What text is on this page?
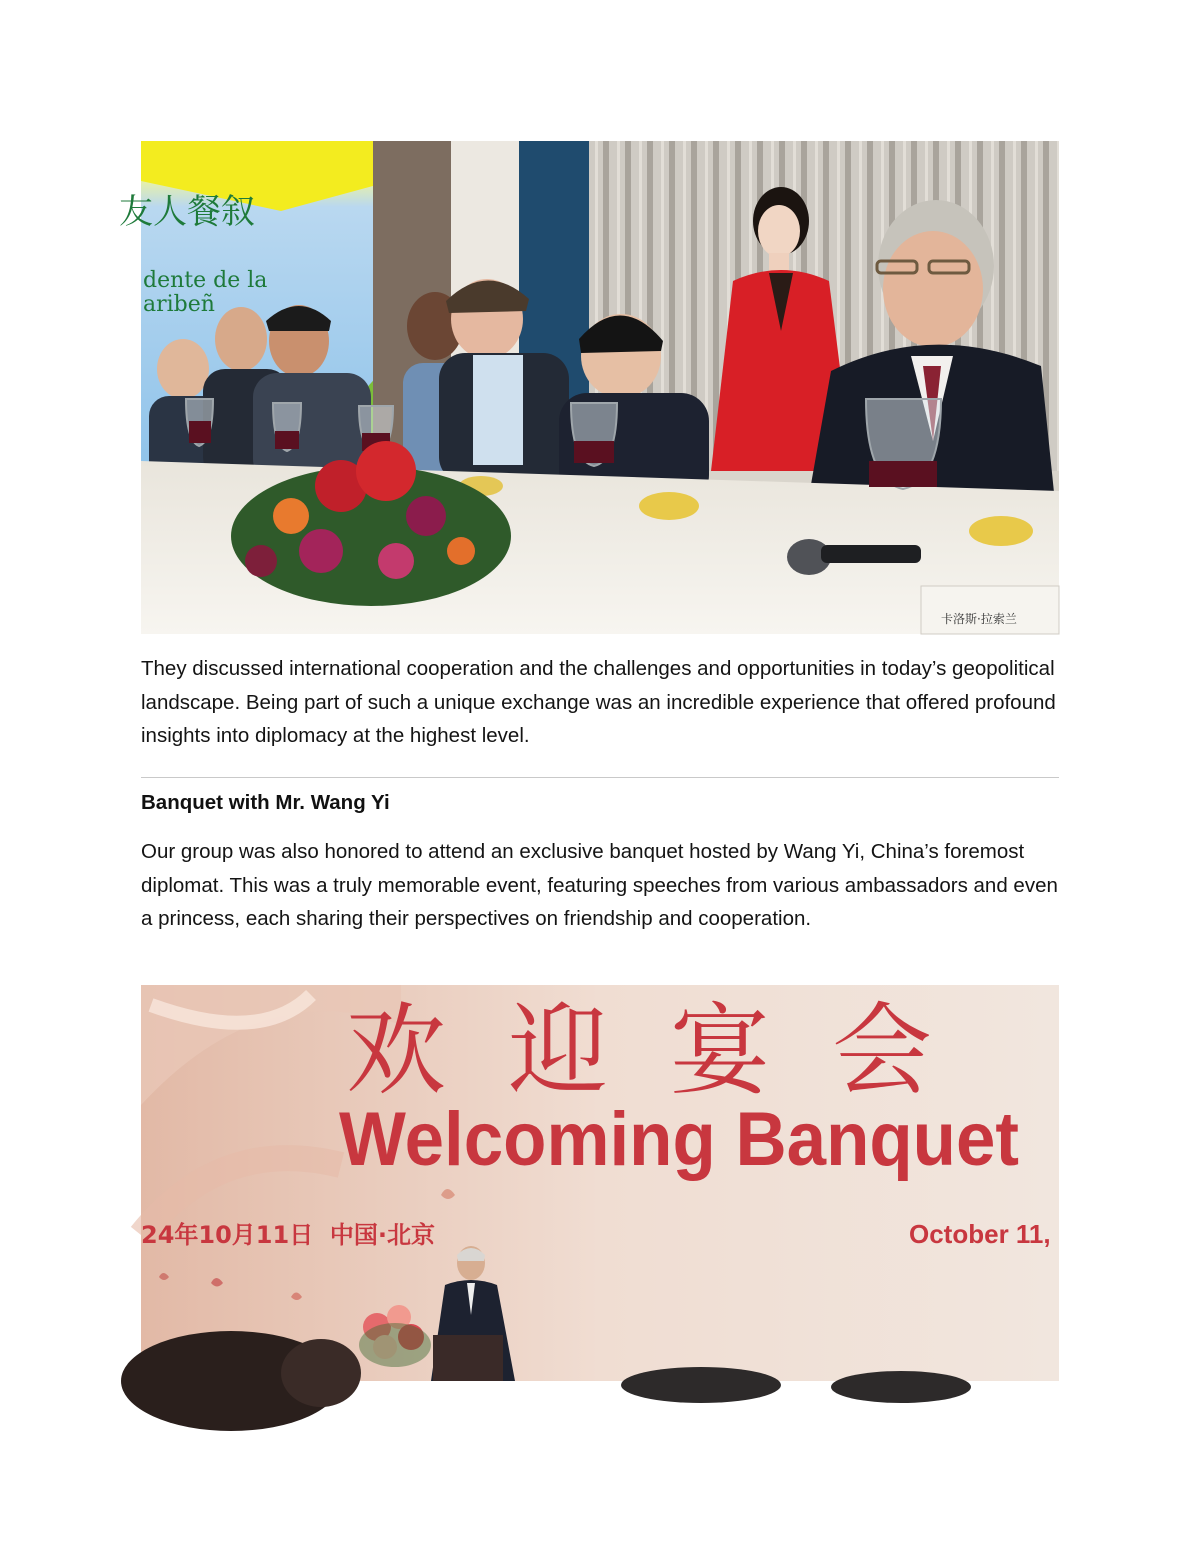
友人餐叙
dente de la
aribeñ
卡洛斯·拉索兰

They discussed international cooperation and the challenges and opportunities in today’s geopolitical landscape. Being part of such a unique exchange was an incredible experience that offered profound insights into diplomacy at the highest level.

Banquet with Mr. Wang Yi

Our group was also honored to attend an exclusive banquet hosted by Wang Yi, China’s foremost diplomat. This was a truly memorable event, featuring speeches from various ambassadors and even a princess, each sharing their perspectives on friendship and cooperation.

欢迎宴会
Welcoming Banquet
24年10月11日  中国·北京	October 11,
